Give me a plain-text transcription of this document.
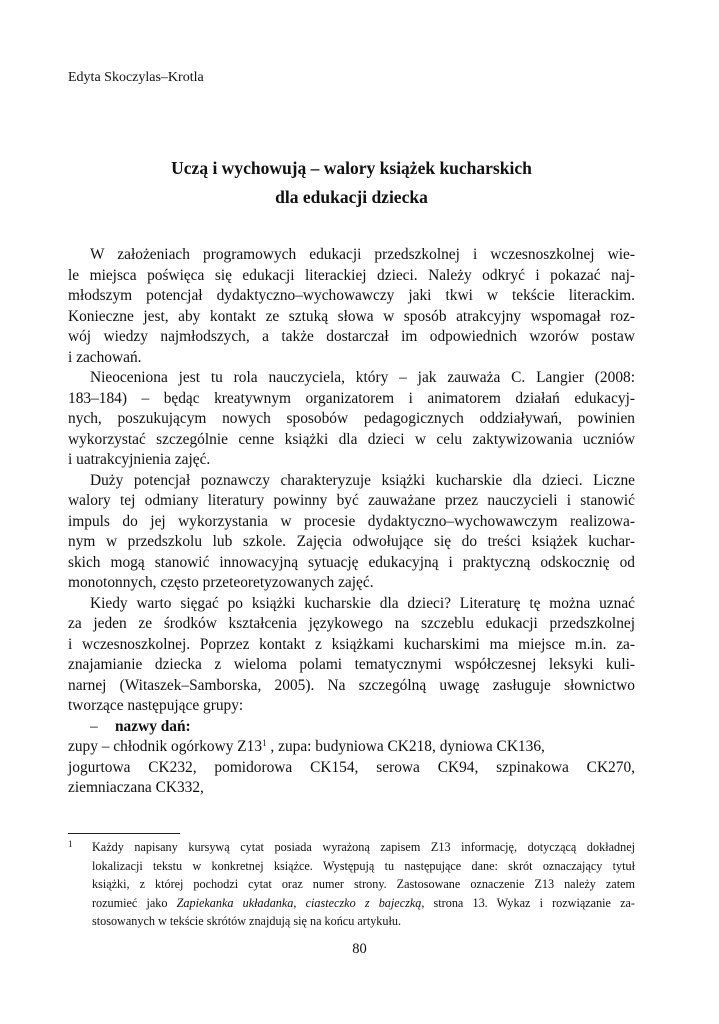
Edyta Skoczylas–Krotla
Uczą i wychowują – walory książek kucharskich
dla edukacji dziecka
W założeniach programowych edukacji przedszkolnej i wczesnoszkolnej wie-
le miejsca poświęca się edukacji literackiej dzieci. Należy odkryć i pokazać naj-
młodszym potencjał dydaktyczno–wychowawczy jaki tkwi w tekście literackim.
Konieczne jest, aby kontakt ze sztuką słowa w sposób atrakcyjny wspomagał roz-
wój wiedzy najmłodszych, a także dostarczał im odpowiednich wzorów postaw
i zachowań.
Nieoceniona jest tu rola nauczyciela, który – jak zauważa C. Langier (2008:
183–184) – będąc kreatywnym organizatorem i animatorem działań edukacyj-
nych, poszukującym nowych sposobów pedagogicznych oddziaływań, powinien
wykorzystać szczególnie cenne książki dla dzieci w celu zaktywizowania uczniów
i uatrakcyjnienia zajęć.
Duży potencjał poznawczy charakteryzuje książki kucharskie dla dzieci. Liczne
walory tej odmiany literatury powinny być zauważane przez nauczycieli i stanowić
impuls do jej wykorzystania w procesie dydaktyczno–wychowawczym realizowa-
nym w przedszkolu lub szkole. Zajęcia odwołujące się do treści książek kuchar-
skich mogą stanowić innowacyjną sytuację edukacyjną i praktyczną odskocznię od
monotonnych, często przeteoretyzowanych zajęć.
Kiedy warto sięgać po książki kucharskie dla dzieci? Literaturę tę można uznać
za jeden ze środków kształcenia językowego na szczeblu edukacji przedszkolnej
i wczesnoszkolnej. Poprzez kontakt z książkami kucharskimi ma miejsce m.in. za-
znajamianie dziecka z wieloma polami tematycznymi współczesnej leksyki kuli-
narnej (Witaszek–Samborska, 2005). Na szczególną uwagę zasługuje słownictwo
tworzące następujące grupy:
– nazwy dań:
zupy – chłodnik ogórkowy Z13$^1$ , zupa: budyniowa CK218, dyniowa CK136,
jogurtowa CK232, pomidorowa CK154, serowa CK94, szpinakowa CK270,
ziemniaczana CK332,
1 Każdy napisany kursywą cytat posiada wyrażoną zapisem Z13 informację, dotyczącą dokładnej
lokalizacji tekstu w konkretnej książce. Występują tu następujące dane: skrót oznaczający tytuł
książki, z której pochodzi cytat oraz numer strony. Zastosowane oznaczenie Z13 należy zatem
rozumieć jako Zapiekanka układanka, ciasteczko z bajeczką, strona 13. Wykaz i rozwiązanie za-
stosowanych w tekście skrótów znajdują się na końcu artykułu.
80
